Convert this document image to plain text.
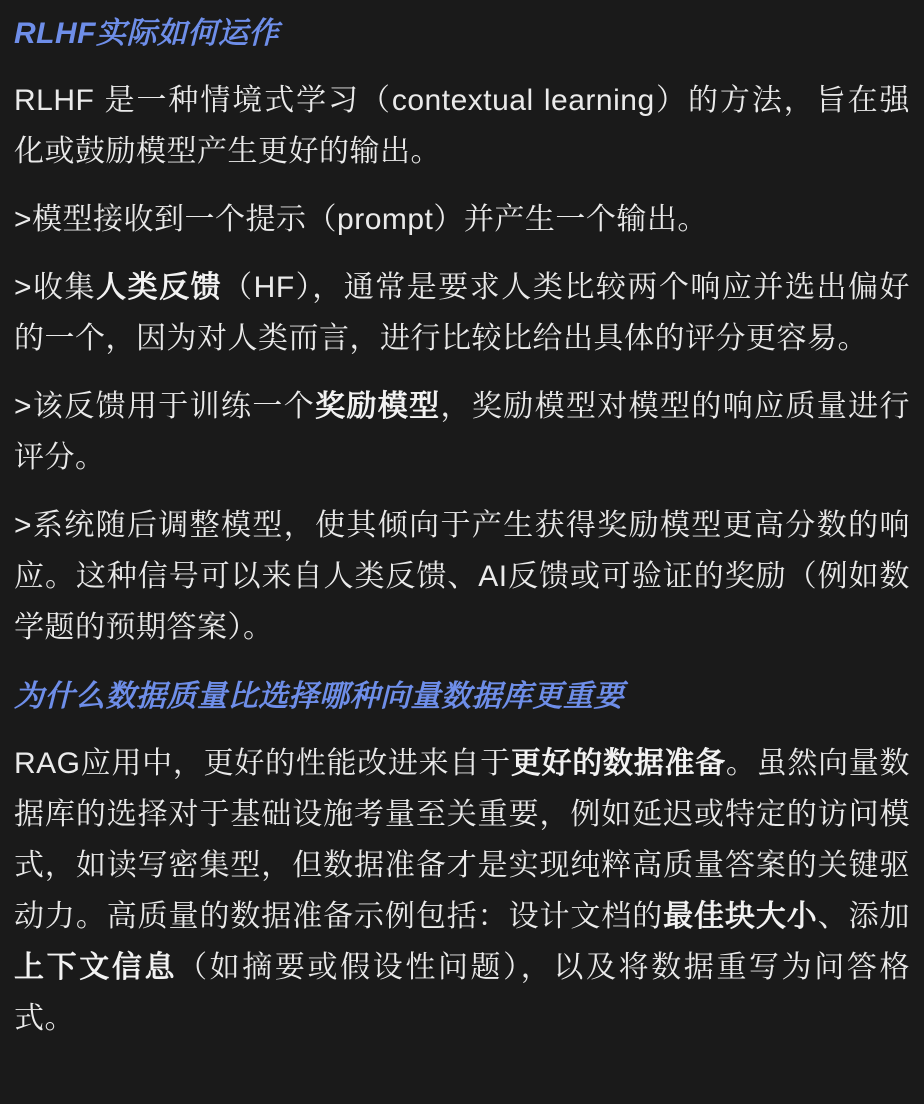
RLHF实际如何运作

RLHF 是一种情境式学习（contextual learning）的方法，旨在强化或鼓励模型产生更好的输出。

>模型接收到一个提示（prompt）并产生一个输出。

>收集人类反馈（HF），通常是要求人类比较两个响应并选出偏好的一个，因为对人类而言，进行比较比给出具体的评分更容易。

>该反馈用于训练一个奖励模型，奖励模型对模型的响应质量进行评分。

>系统随后调整模型，使其倾向于产生获得奖励模型更高分数的响应。这种信号可以来自人类反馈、AI反馈或可验证的奖励（例如数学题的预期答案）。

为什么数据质量比选择哪种向量数据库更重要

RAG应用中，更好的性能改进来自于更好的数据准备。虽然向量数据库的选择对于基础设施考量至关重要，例如延迟或特定的访问模式，如读写密集型，但数据准备才是实现纯粹高质量答案的关键驱动力。高质量的数据准备示例包括：设计文档的最佳块大小、添加上下文信息（如摘要或假设性问题），以及将数据重写为问答格式。
